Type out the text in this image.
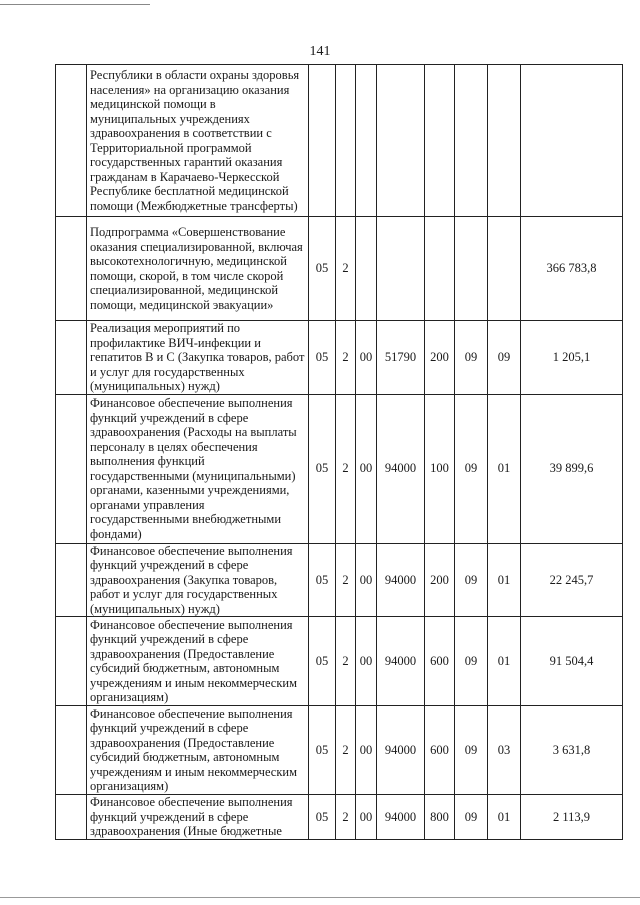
141
	Республики в области охраны здоровья населения» на организацию оказания медицинской помощи в муниципальных учреждениях здравоохранения в соответствии с Территориальной программой государственных гарантий оказания гражданам в Карачаево-Черкесской Республике бесплатной медицинской помощи (Межбюджетные трансферты)								
	Подпрограмма «Совершенствование оказания специализированной, включая высокотехнологичную, медицинской помощи, скорой, в том числе скорой специализированной, медицинской помощи, медицинской эвакуации»	05	2						366 783,8
	Реализация мероприятий по профилактике ВИЧ-инфекции и гепатитов В и С (Закупка товаров, работ и услуг для государственных (муниципальных) нужд)	05	2	00	51790	200	09	09	1 205,1
	Финансовое обеспечение выполнения функций учреждений в сфере здравоохранения (Расходы на выплаты персоналу в целях обеспечения выполнения функций государственными (муниципальными) органами, казенными учреждениями, органами управления государственными внебюджетными фондами)	05	2	00	94000	100	09	01	39 899,6
	Финансовое обеспечение выполнения функций учреждений в сфере здравоохранения (Закупка товаров, работ и услуг для государственных (муниципальных) нужд)	05	2	00	94000	200	09	01	22 245,7
	Финансовое обеспечение выполнения функций учреждений в сфере здравоохранения (Предоставление субсидий бюджетным, автономным учреждениям и иным некоммерческим организациям)	05	2	00	94000	600	09	01	91 504,4
	Финансовое обеспечение выполнения функций учреждений в сфере здравоохранения (Предоставление субсидий бюджетным, автономным учреждениям и иным некоммерческим организациям)	05	2	00	94000	600	09	03	3 631,8
	Финансовое обеспечение выполнения функций учреждений в сфере здравоохранения (Иные бюджетные	05	2	00	94000	800	09	01	2 113,9
